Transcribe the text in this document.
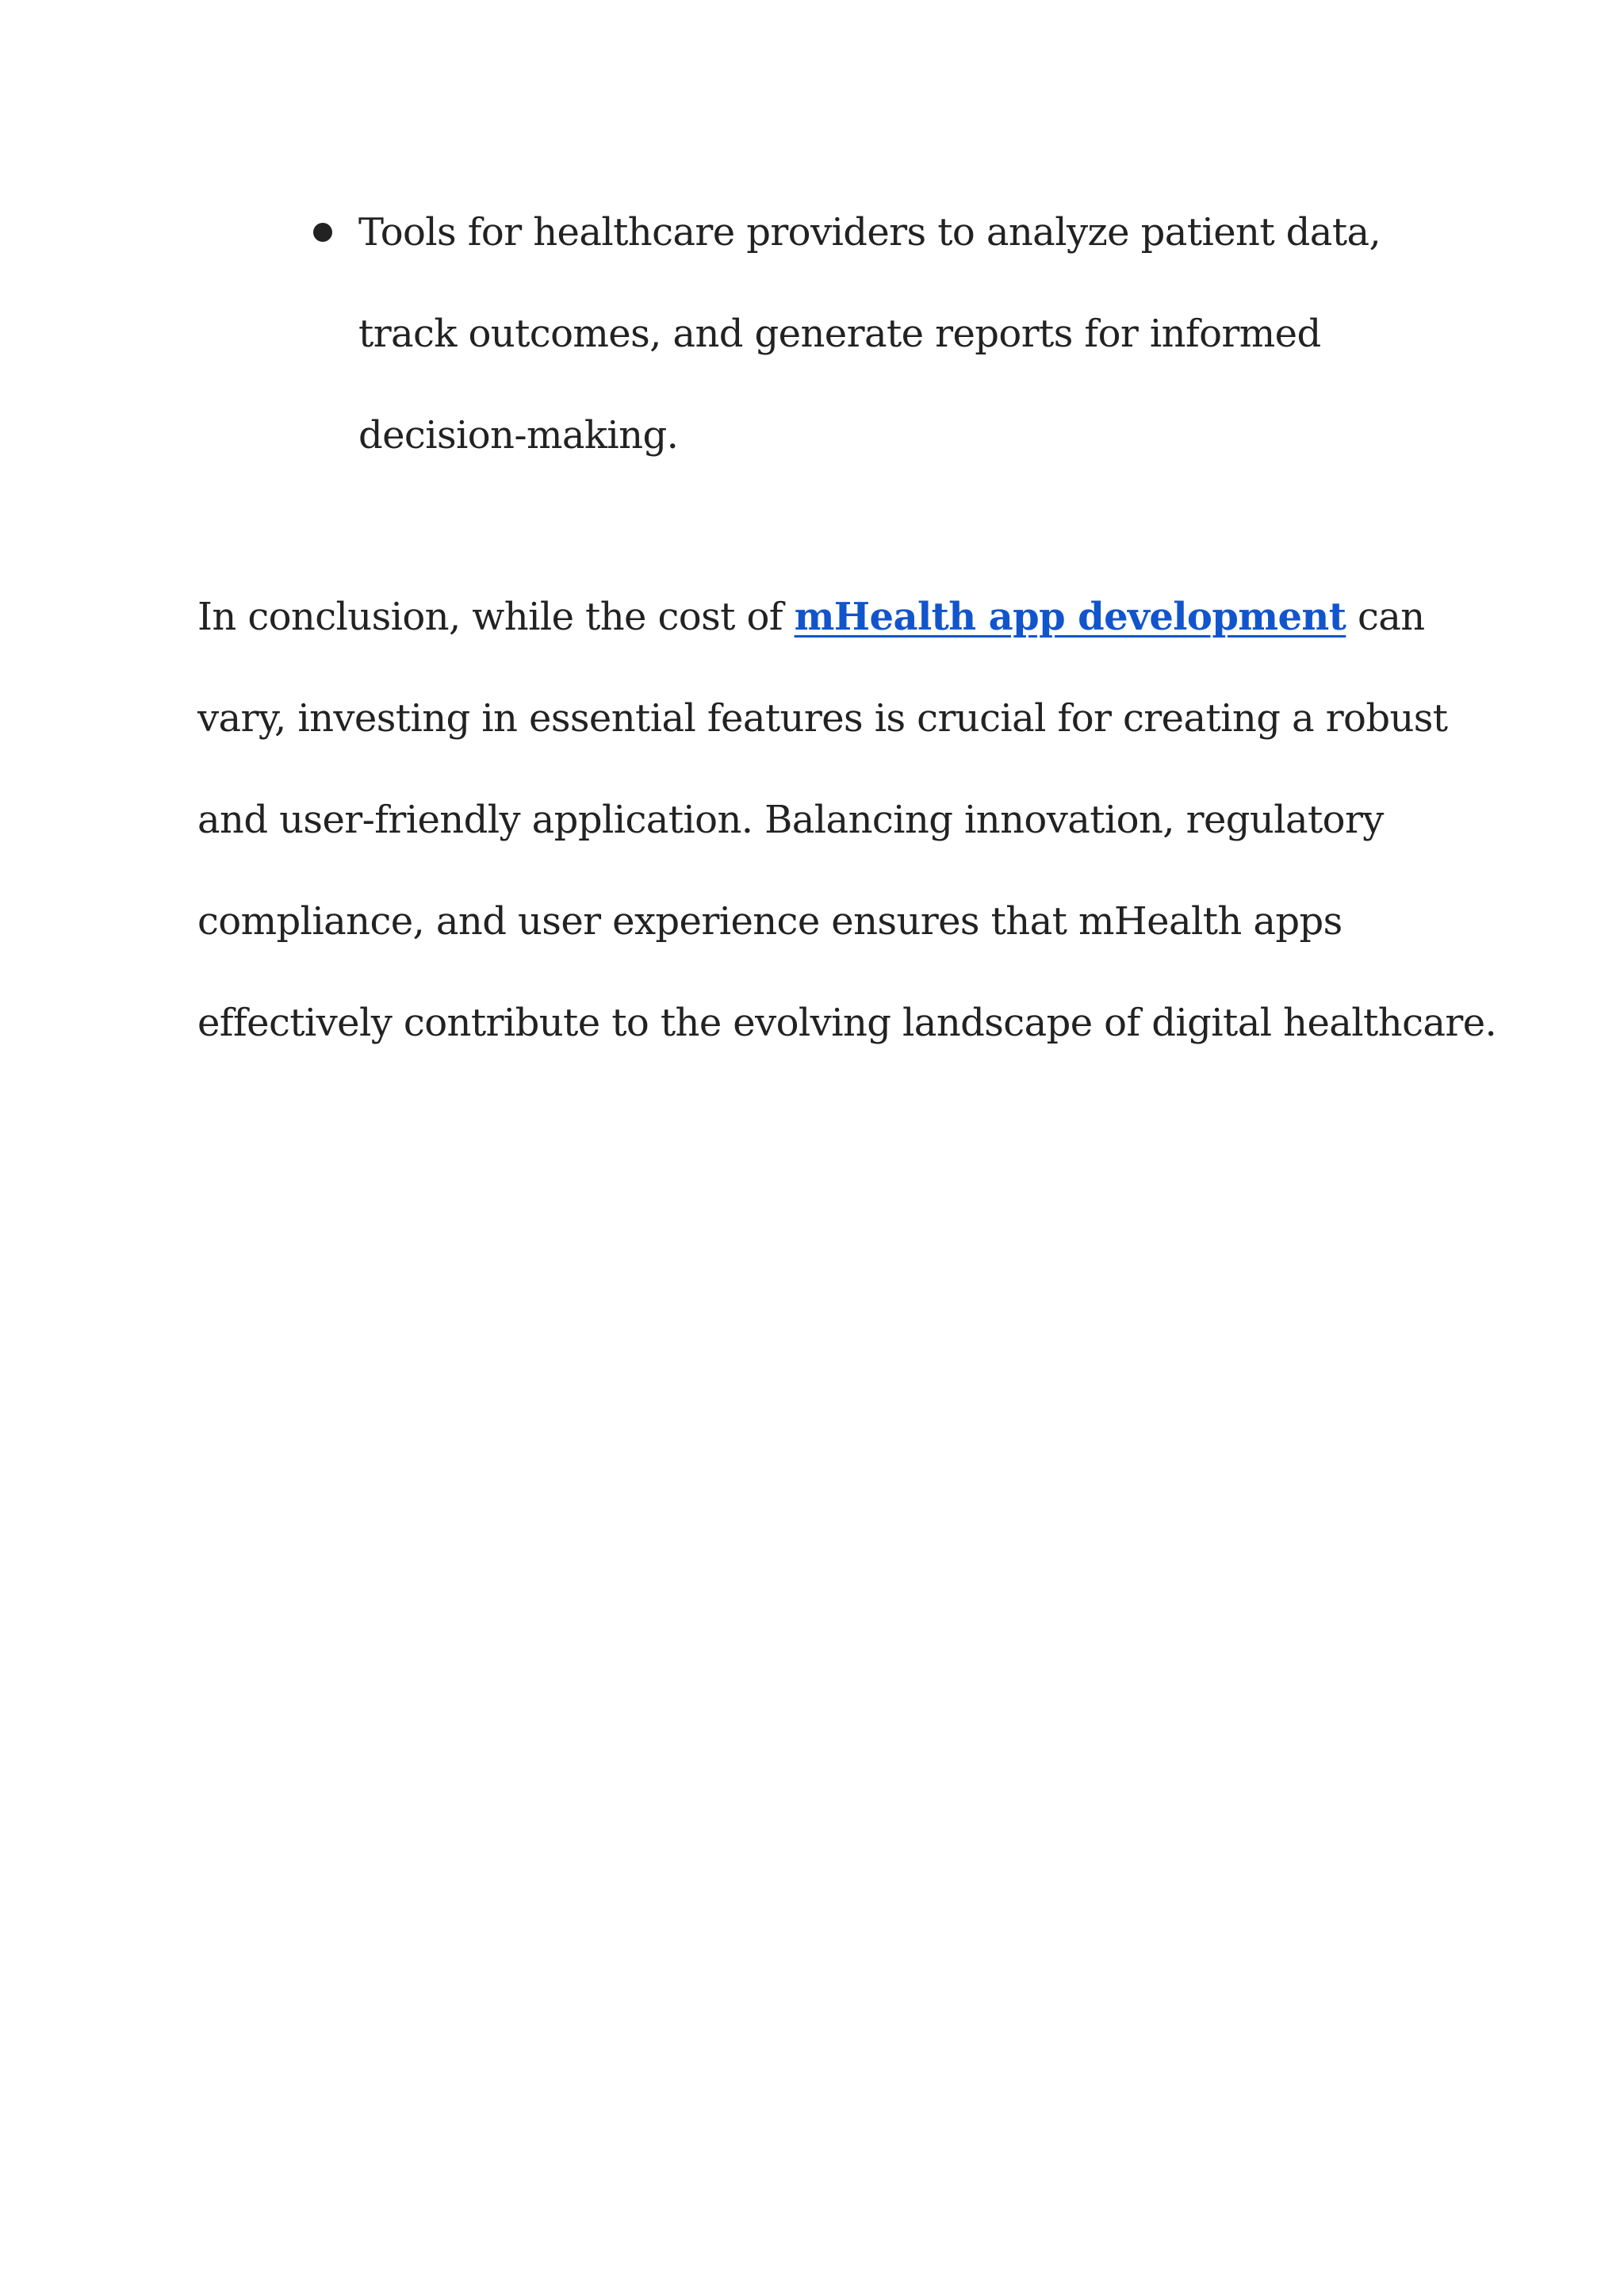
Tools for healthcare providers to analyze patient data,
track outcomes, and generate reports for informed
decision-making.

In conclusion, while the cost of mHealth app development can
vary, investing in essential features is crucial for creating a robust
and user-friendly application. Balancing innovation, regulatory
compliance, and user experience ensures that mHealth apps
effectively contribute to the evolving landscape of digital healthcare.
